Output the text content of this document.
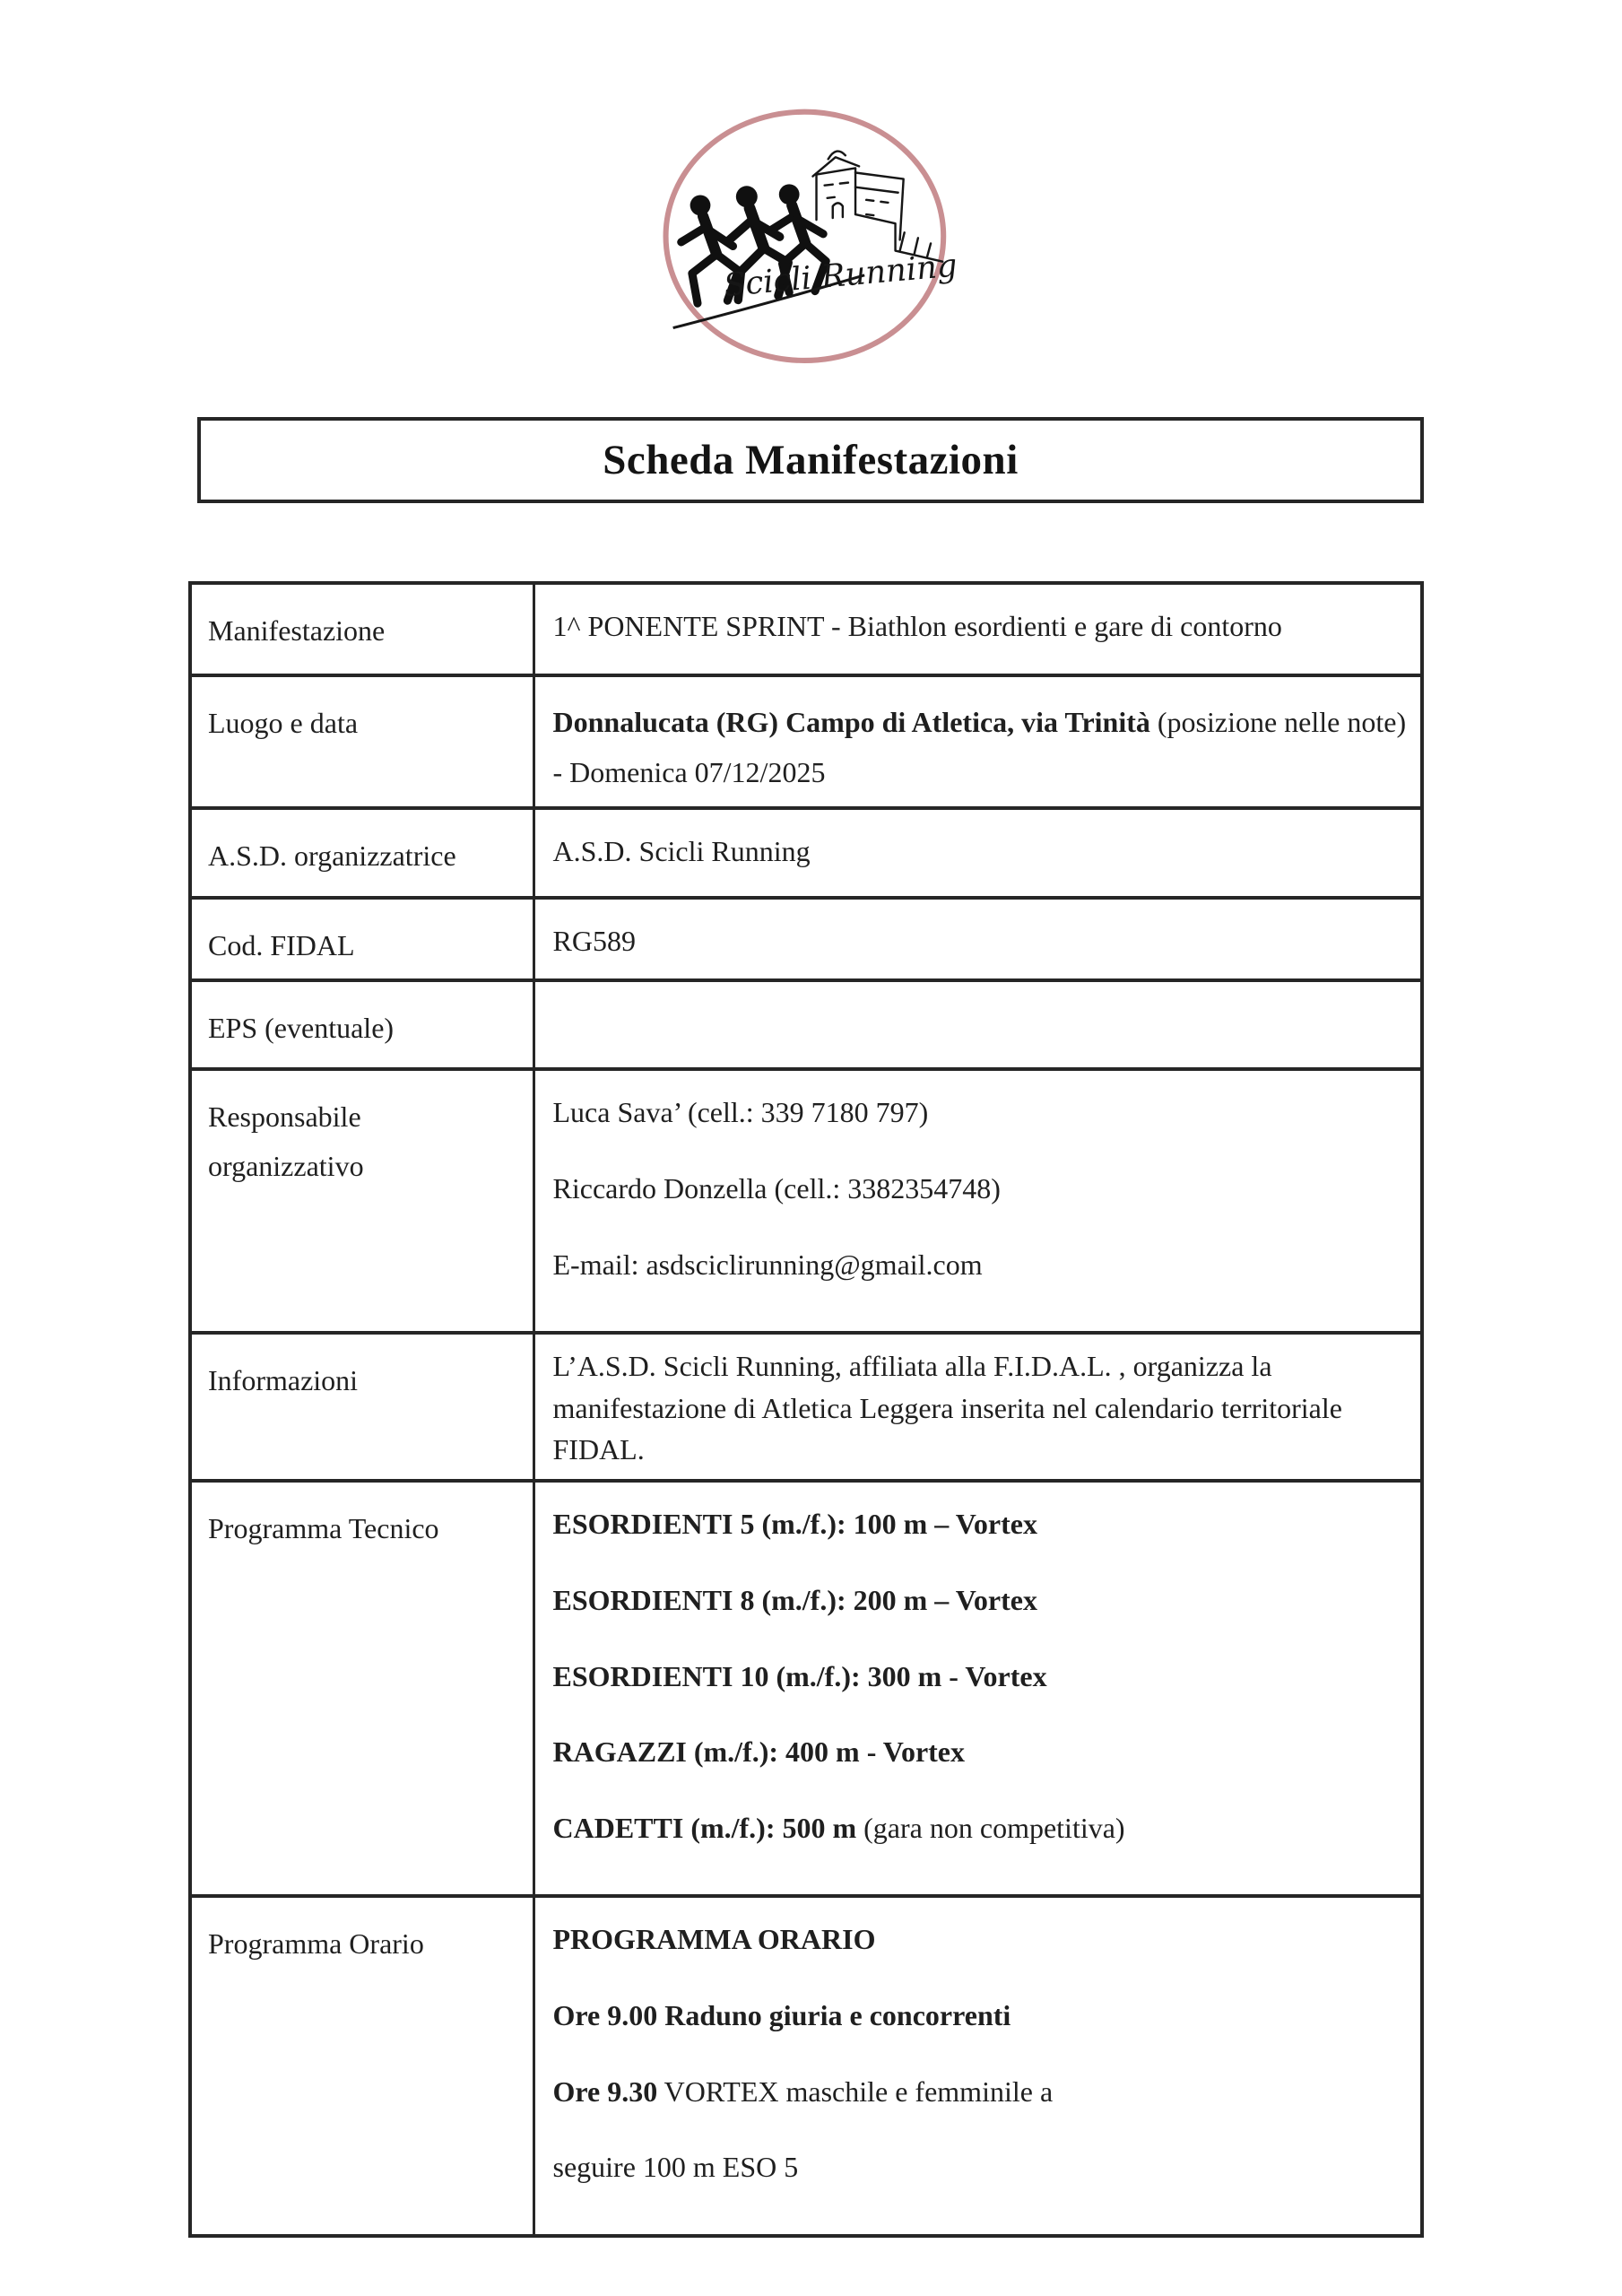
Scicli Running
Scheda Manifestazioni
Manifestazione	1^ PONENTE SPRINT - Biathlon esordienti e gare di contorno

Luogo e data	Donnalucata (RG) Campo di Atletica, via Trinità (posizione nelle note) - Domenica 07/12/2025

A.S.D. organizzatrice	A.S.D. Scicli Running

Cod. FIDAL	RG589

EPS (eventuale)	
Responsabile organizzativo	Luca Sava’ (cell.: 339 7180 797)

Riccardo Donzella (cell.: 3382354748)

E-mail: asdsciclirunning@gmail.com

Informazioni	L’A.S.D. Scicli Running, affiliata alla F.I.D.A.L. , organizza la manifestazione di Atletica Leggera inserita nel calendario territoriale FIDAL.

Programma Tecnico	ESORDIENTI 5 (m./f.): 100 m – Vortex

ESORDIENTI 8 (m./f.): 200 m – Vortex

ESORDIENTI 10 (m./f.): 300 m - Vortex

RAGAZZI (m./f.): 400 m - Vortex

CADETTI (m./f.): 500 m (gara non competitiva)

Programma Orario	PROGRAMMA ORARIO

Ore 9.00 Raduno giuria e concorrenti

Ore 9.30 VORTEX maschile e femminile a

seguire 100 m ESO 5
